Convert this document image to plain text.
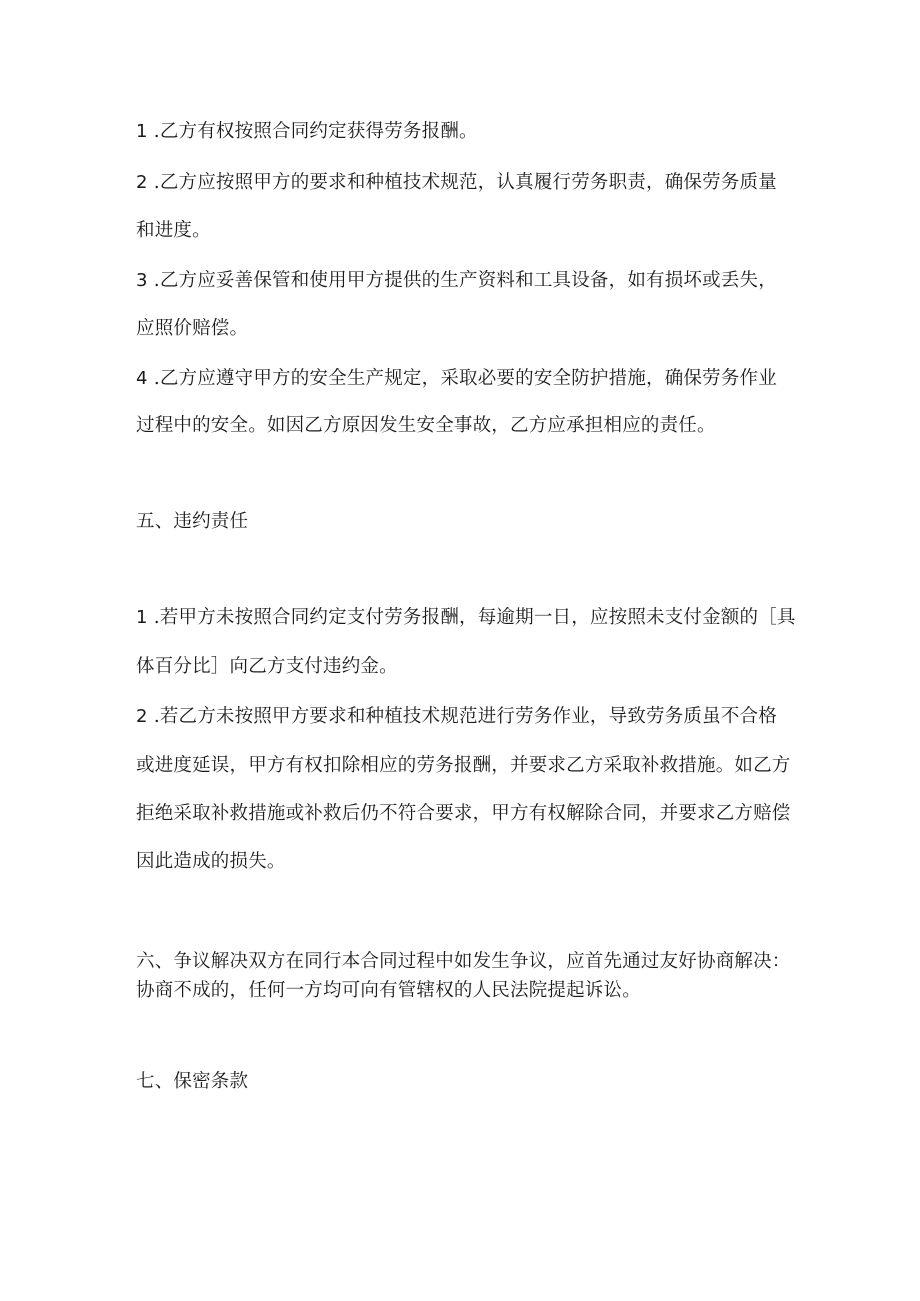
1 .乙方有权按照合同约定获得劳务报酬。
2 .乙方应按照甲方的要求和种植技术规范，认真履行劳务职责，确保劳务质量
和进度。
3 .乙方应妥善保管和使用甲方提供的生产资料和工具设备，如有损坏或丢失，
应照价赔偿。
4 .乙方应遵守甲方的安全生产规定，采取必要的安全防护措施，确保劳务作业
过程中的安全。如因乙方原因发生安全事故，乙方应承担相应的责任。
五、违约责任
1 .若甲方未按照合同约定支付劳务报酬，每逾期一日，应按照未支付金额的［具
体百分比］向乙方支付违约金。
2 .若乙方未按照甲方要求和种植技术规范进行劳务作业，导致劳务质虽不合格
或进度延误，甲方有权扣除相应的劳务报酬，并要求乙方采取补救措施。如乙方
拒绝采取补救措施或补救后仍不符合要求，甲方有权解除合同，并要求乙方赔偿
因此造成的损失。
六、争议解决双方在同行本合同过程中如发生争议，应首先通过友好协商解决：
协商不成的，任何一方均可向有管辖权的人民法院提起诉讼。
七、保密条款
